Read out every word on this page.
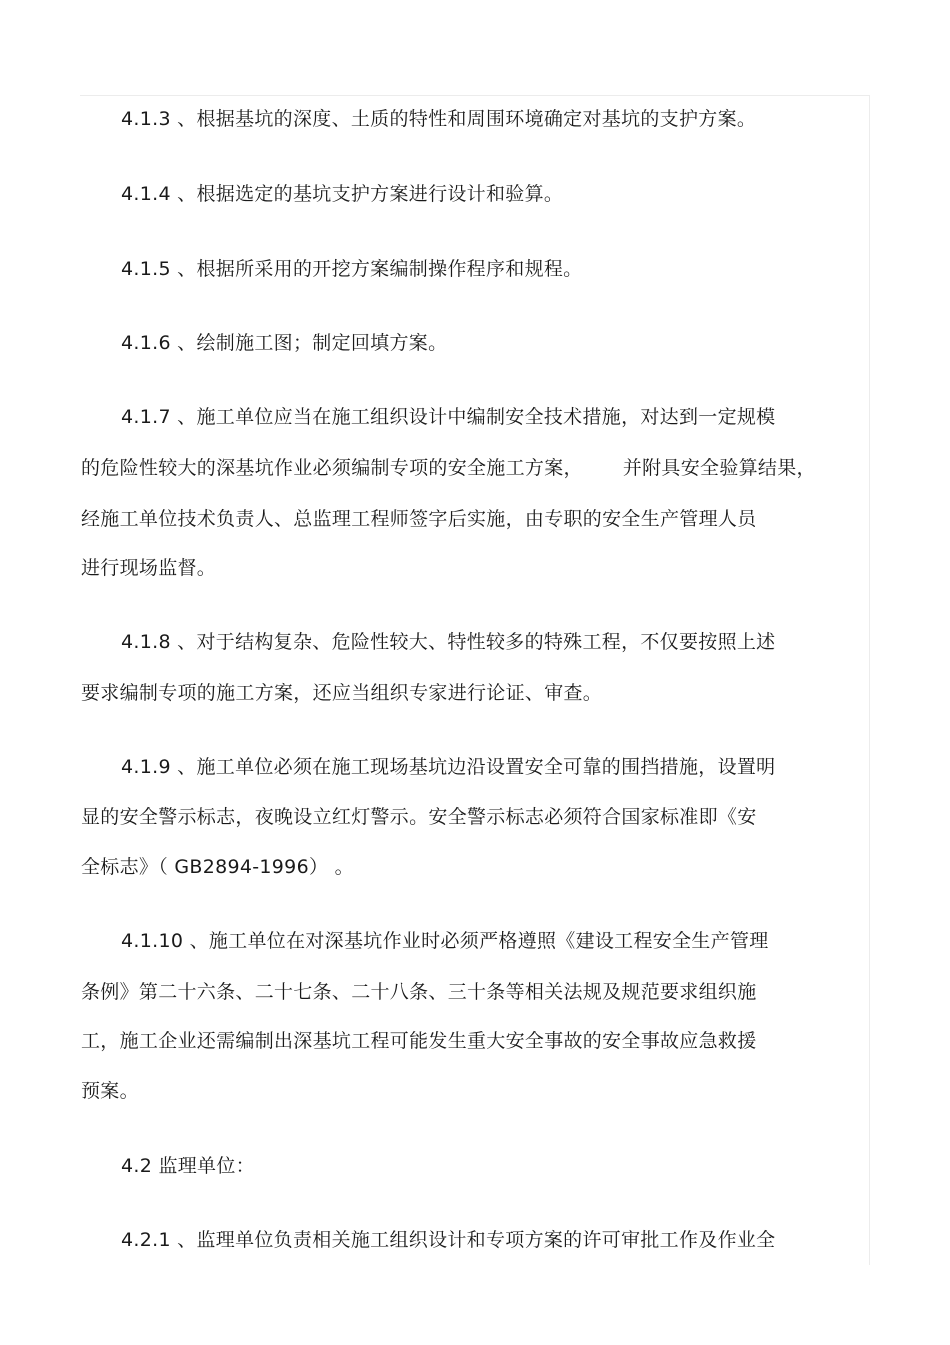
4.1.3 、根据基坑的深度、土质的特性和周围环境确定对基坑的支护方案。
4.1.4 、根据选定的基坑支护方案进行设计和验算。
4.1.5 、根据所采用的开挖方案编制操作程序和规程。
4.1.6 、绘制施工图；制定回填方案。
4.1.7 、施工单位应当在施工组织设计中编制安全技术措施，对达到一定规模
的危险性较大的深基坑作业必须编制专项的安全施工方案， 并附具安全验算结果，
经施工单位技术负责人、总监理工程师签字后实施，由专职的安全生产管理人员
进行现场监督。
4.1.8 、对于结构复杂、危险性较大、特性较多的特殊工程，不仅要按照上述
要求编制专项的施工方案，还应当组织专家进行论证、审查。
4.1.9 、施工单位必须在施工现场基坑边沿设置安全可靠的围挡措施，设置明
显的安全警示标志，夜晚设立红灯警示。安全警示标志必须符合国家标准即《安
全标志》（ GB2894-1996） 。
4.1.10 、施工单位在对深基坑作业时必须严格遵照《建设工程安全生产管理
条例》第二十六条、二十七条、二十八条、三十条等相关法规及规范要求组织施
工，施工企业还需编制出深基坑工程可能发生重大安全事故的安全事故应急救援
预案。
4.2 监理单位：
4.2.1 、监理单位负责相关施工组织设计和专项方案的许可审批工作及作业全
